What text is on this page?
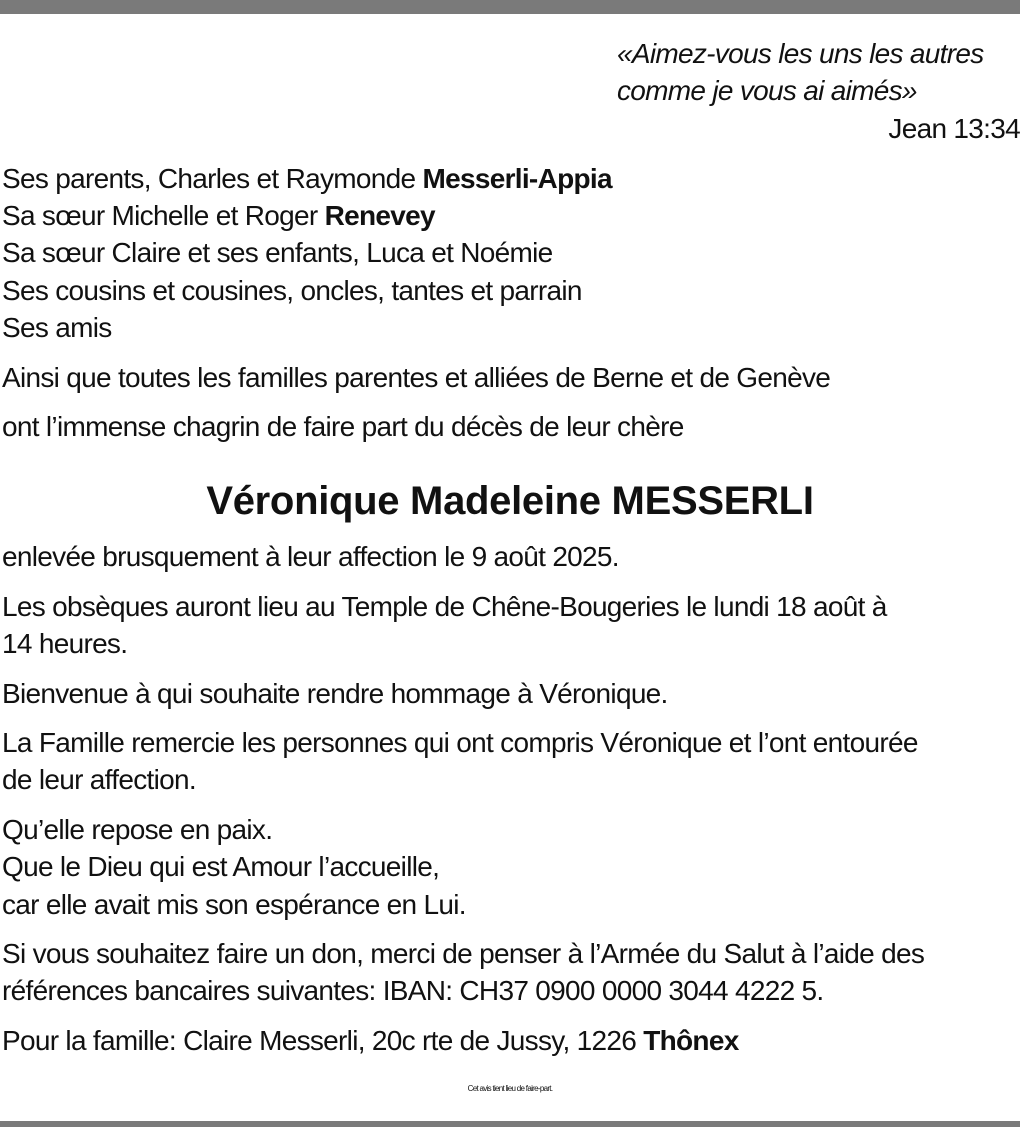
«Aimez-vous les uns les autres
comme je vous ai aimés»
Jean 13:34
Ses parents, Charles et Raymonde Messerli-Appia
Sa sœur Michelle et Roger Renevey
Sa sœur Claire et ses enfants, Luca et Noémie
Ses cousins et cousines, oncles, tantes et parrain
Ses amis
Ainsi que toutes les familles parentes et alliées de Berne et de Genève
ont l’immense chagrin de faire part du décès de leur chère
Véronique Madeleine MESSERLI
enlevée brusquement à leur affection le 9 août 2025.
Les obsèques auront lieu au Temple de Chêne-Bougeries le lundi 18 août à
14 heures.
Bienvenue à qui souhaite rendre hommage à Véronique.
La Famille remercie les personnes qui ont compris Véronique et l’ont entourée
de leur affection.
Qu’elle repose en paix.
Que le Dieu qui est Amour l’accueille,
car elle avait mis son espérance en Lui.
Si vous souhaitez faire un don, merci de penser à l’Armée du Salut à l’aide des
références bancaires suivantes: IBAN: CH37 0900 0000 3044 4222 5.
Pour la famille: Claire Messerli, 20c rte de Jussy, 1226 Thônex
Cet avis tient lieu de faire-part.
